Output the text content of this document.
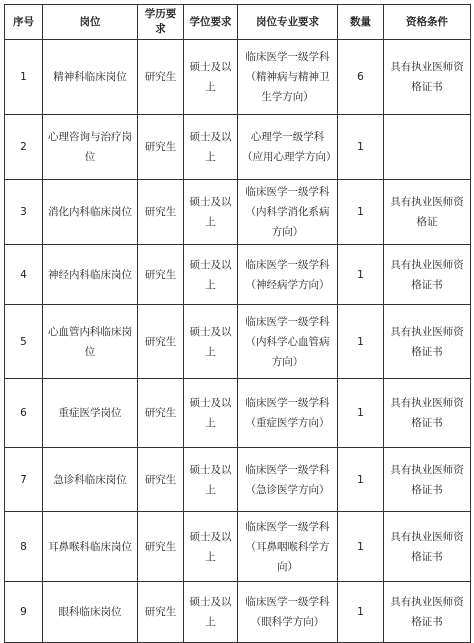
序号	岗位	学历要求	学位要求	岗位专业要求	数量	资格条件
1	精神科临床岗位	研究生	硕士及以上	临床医学一级学科（精神病与精神卫生学方向）	6	具有执业医师资格证书
2	心理咨询与治疗岗位	研究生	硕士及以上	心理学一级学科（应用心理学方向）	1	
3	消化内科临床岗位	研究生	硕士及以上	临床医学一级学科（内科学消化系病方向）	1	具有执业医师资格证
4	神经内科临床岗位	研究生	硕士及以上	临床医学一级学科（神经病学方向）	1	具有执业医师资格证书
5	心血管内科临床岗位	研究生	硕士及以上	临床医学一级学科（内科学心血管病方向）	1	具有执业医师资格证书
6	重症医学岗位	研究生	硕士及以上	临床医学一级学科（重症医学方向）	1	具有执业医师资格证书
7	急诊科临床岗位	研究生	硕士及以上	临床医学一级学科（急诊医学方向）	1	具有执业医师资格证书
8	耳鼻喉科临床岗位	研究生	硕士及以上	临床医学一级学科（耳鼻咽喉科学方向）	1	具有执业医师资格证书
9	眼科临床岗位	研究生	硕士及以上	临床医学一级学科（眼科学方向）	1	具有执业医师资格证书
